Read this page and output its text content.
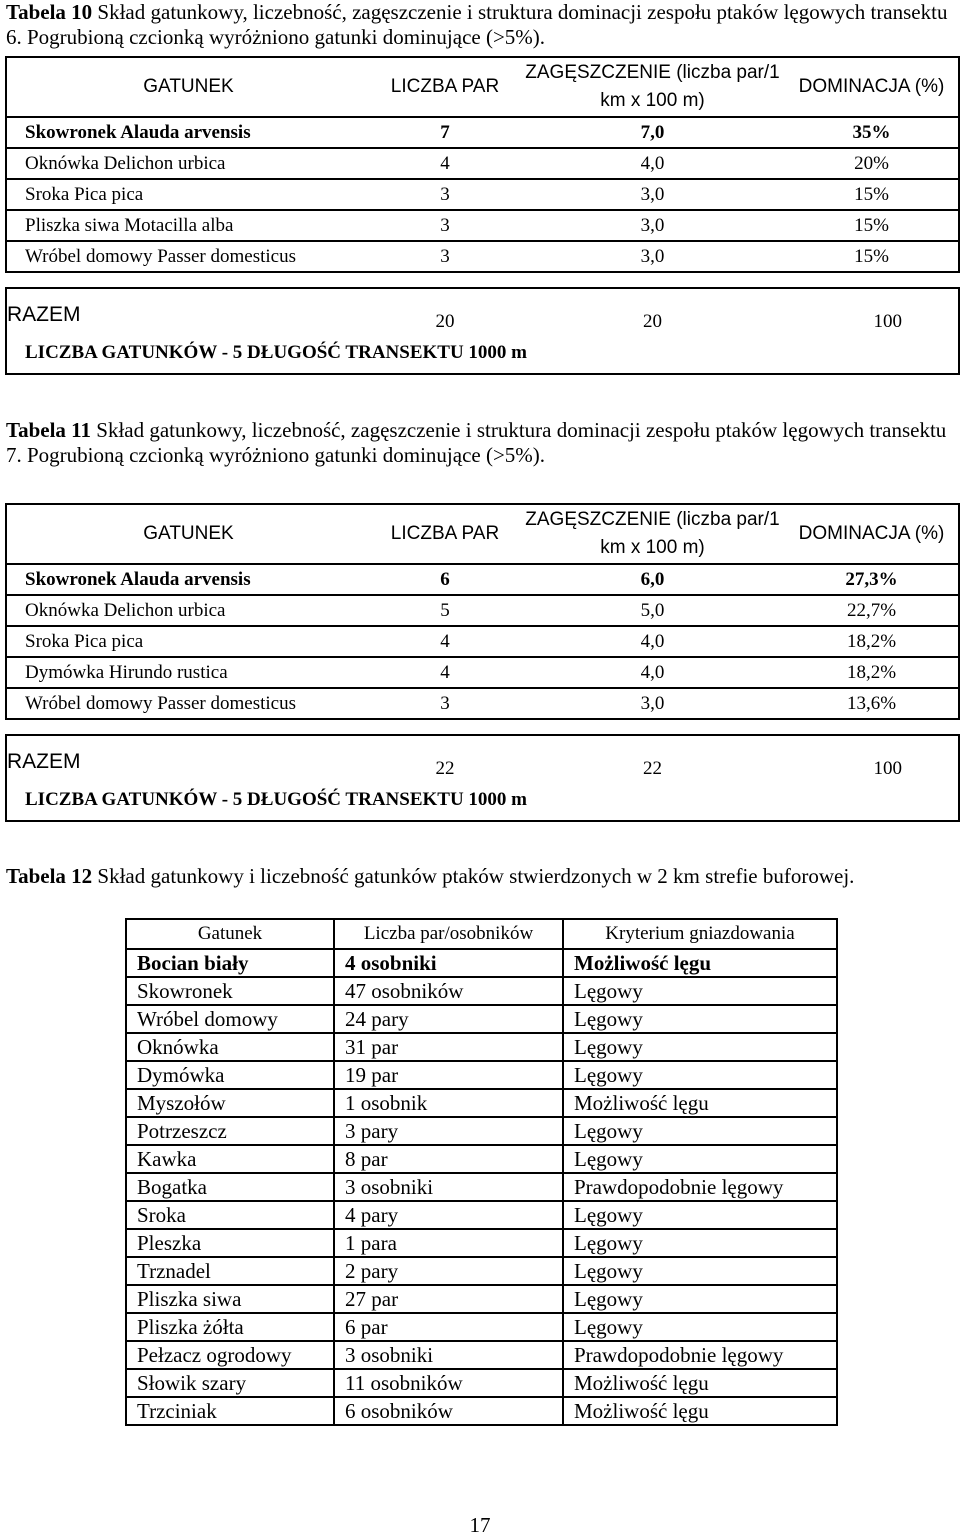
Tabela 10 Skład gatunkowy, liczebność, zagęszczenie i struktura dominacji zespołu ptaków lęgowych transektu 6. Pogrubioną czcionką wyróżniono gatunki dominujące (>5%).

GATUNEK	LICZBA PAR	ZAGĘSZCZENIE (liczba par/1 km x 100 m)	DOMINACJA (%)
Skowronek Alauda arvensis	7	7,0	35%
Oknówka Delichon urbica	4	4,0	20%
Sroka Pica pica	3	3,0	15%
Pliszka siwa Motacilla alba	3	3,0	15%
Wróbel domowy Passer domesticus	3	3,0	15%

RAZEM	20	20	100

LICZBA GATUNKÓW - 5 DŁUGOŚĆ TRANSEKTU 1000 m			

Tabela 11 Skład gatunkowy, liczebność, zagęszczenie i struktura dominacji zespołu ptaków lęgowych transektu 7. Pogrubioną czcionką wyróżniono gatunki dominujące (>5%).

GATUNEK	LICZBA PAR	ZAGĘSZCZENIE (liczba par/1 km x 100 m)	DOMINACJA (%)
Skowronek Alauda arvensis	6	6,0	27,3%
Oknówka Delichon urbica	5	5,0	22,7%
Sroka Pica pica	4	4,0	18,2%
Dymówka Hirundo rustica	4	4,0	18,2%
Wróbel domowy Passer domesticus	3	3,0	13,6%

RAZEM	22	22	100

LICZBA GATUNKÓW - 5 DŁUGOŚĆ TRANSEKTU 1000 m			

Tabela 12 Skład gatunkowy i liczebność gatunków ptaków stwierdzonych w 2 km strefie buforowej.

Gatunek	Liczba par/osobników	Kryterium gniazdowania
Bocian biały	4 osobniki	Możliwość lęgu
Skowronek	47 osobników	Lęgowy
Wróbel domowy	24 pary	Lęgowy
Oknówka	31 par	Lęgowy
Dymówka	19 par	Lęgowy
Myszołów	1 osobnik	Możliwość lęgu
Potrzeszcz	3 pary	Lęgowy
Kawka	8 par	Lęgowy
Bogatka	3 osobniki	Prawdopodobnie lęgowy
Sroka	4 pary	Lęgowy
Pleszka	1 para	Lęgowy
Trznadel	2 pary	Lęgowy
Pliszka siwa	27 par	Lęgowy
Pliszka żółta	6 par	Lęgowy
Pełzacz ogrodowy	3 osobniki	Prawdopodobnie lęgowy
Słowik szary	11 osobników	Możliwość lęgu
Trzciniak	6 osobników	Możliwość lęgu
17
